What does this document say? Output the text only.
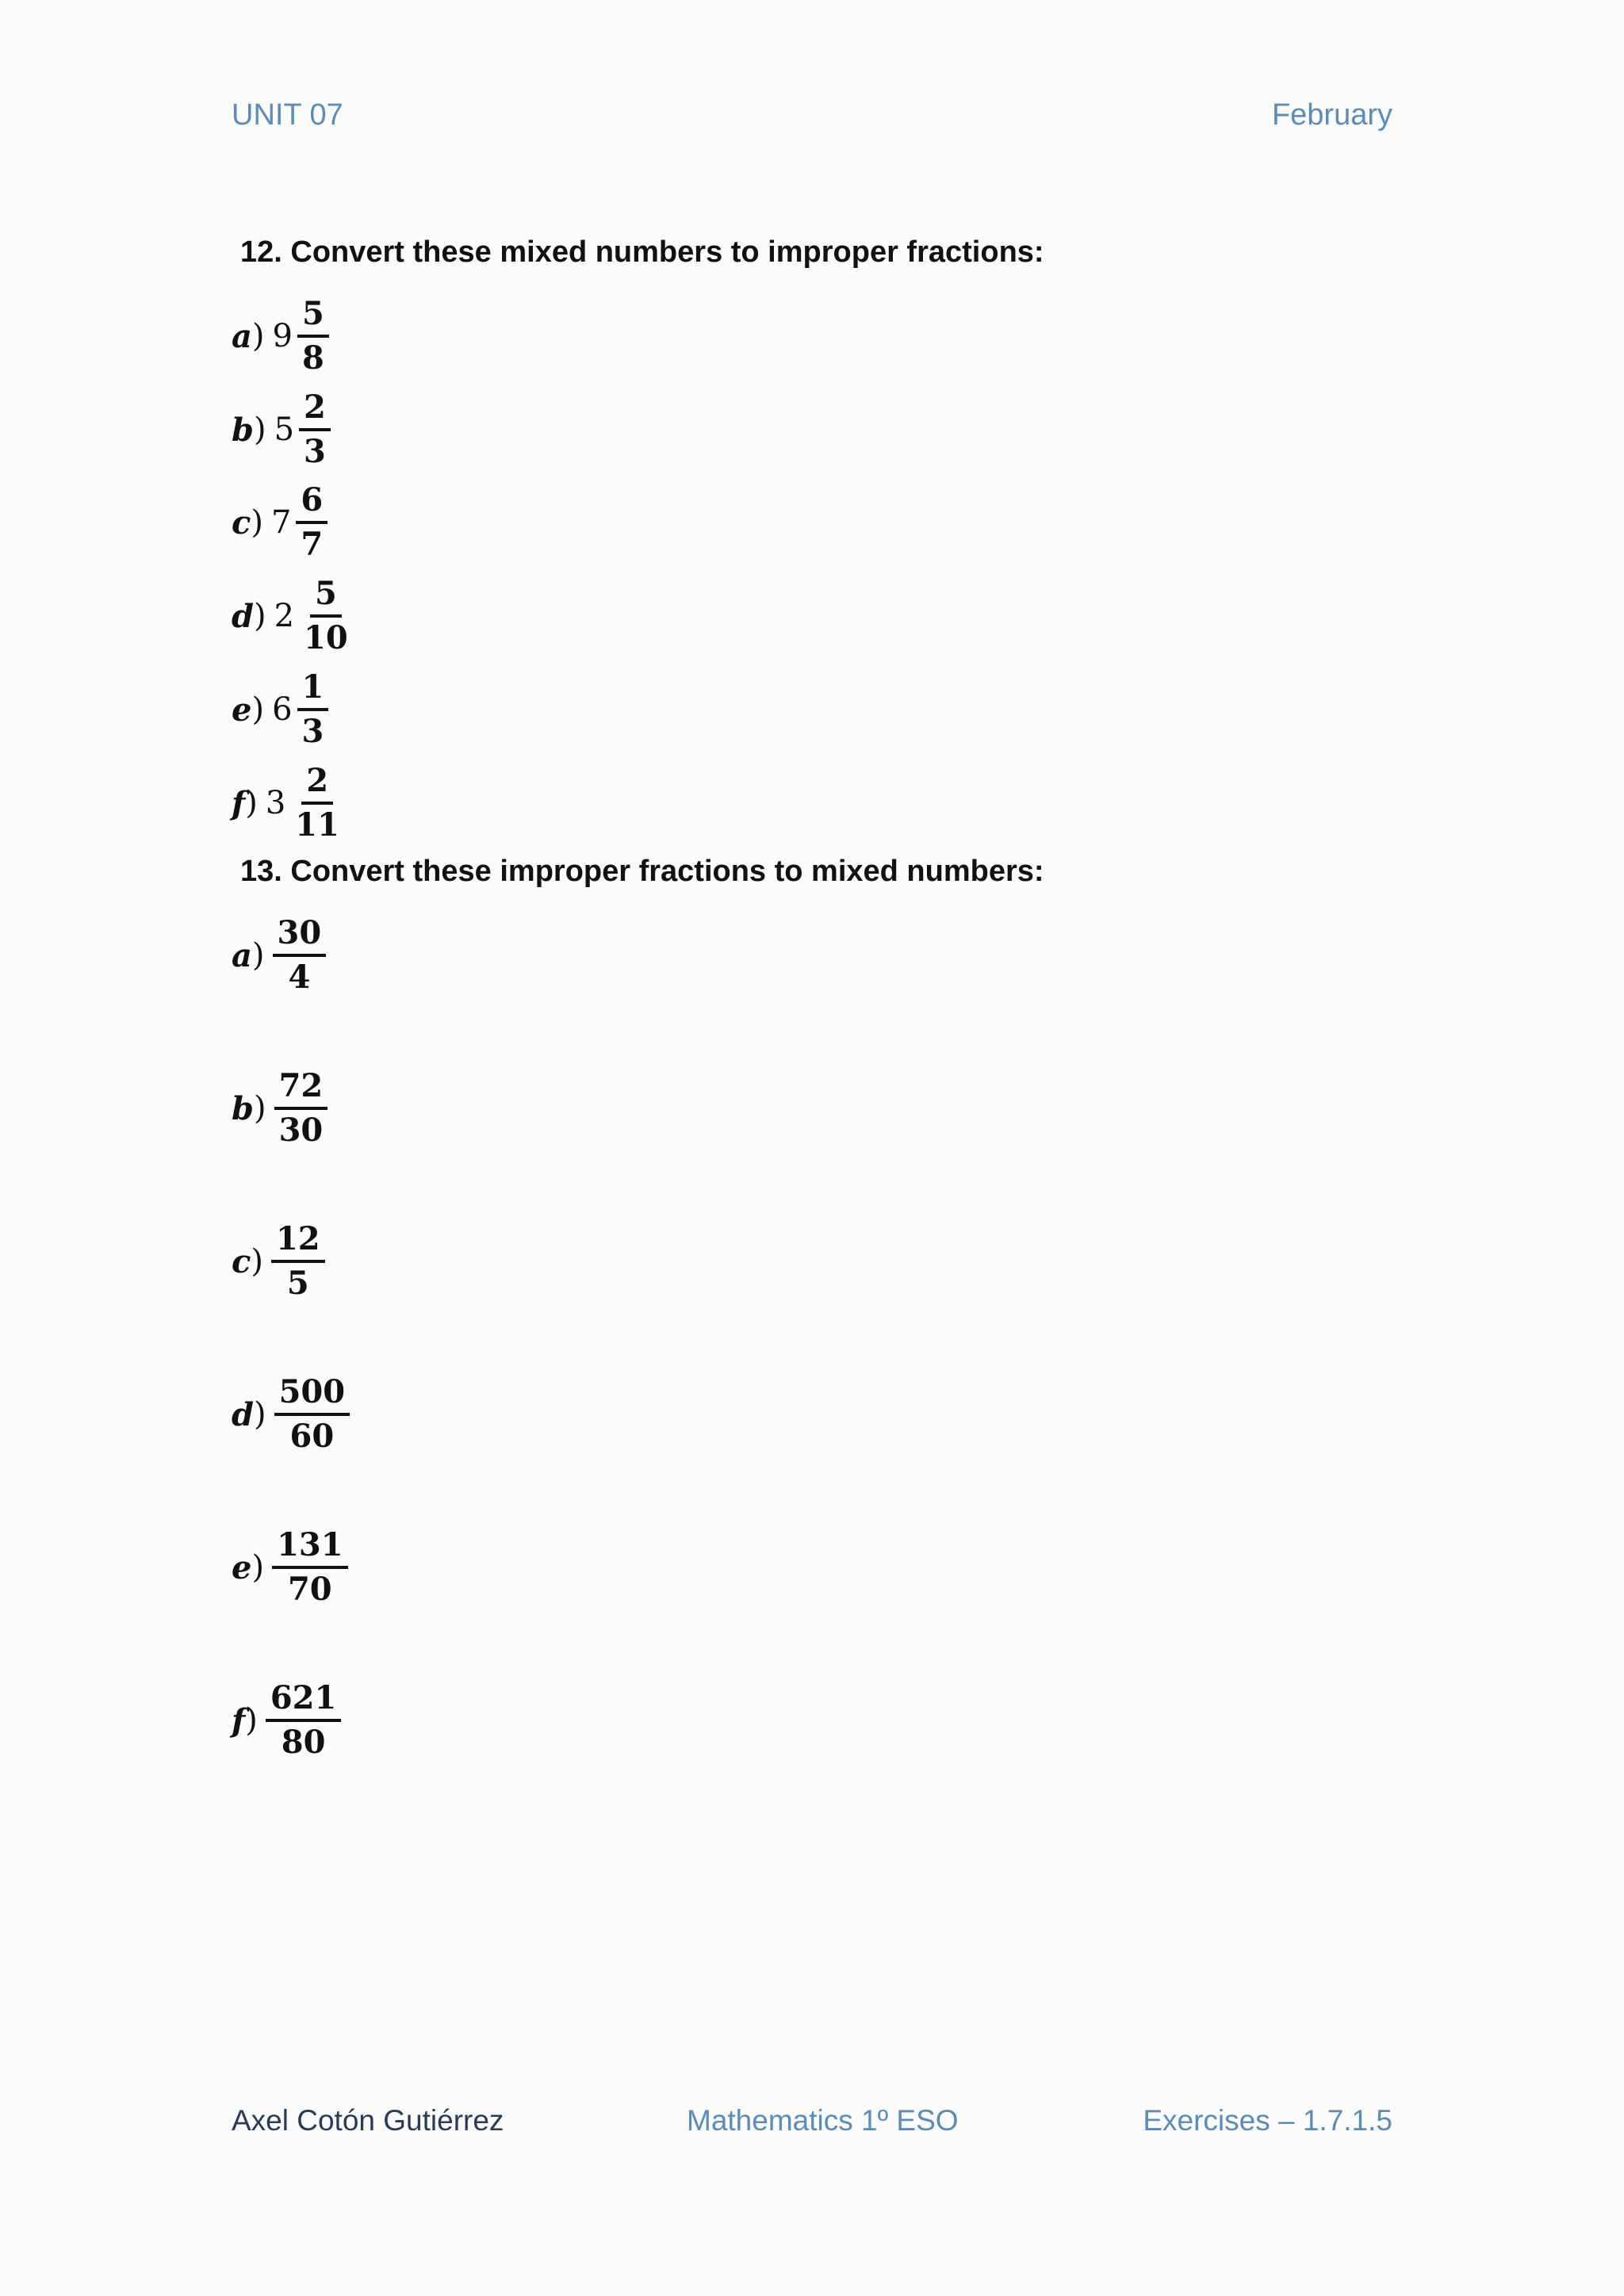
UNIT 07	February
12. Convert these mixed numbers to improper fractions:
a ) $9 \frac{5}{8}$
b ) $5 \frac{2}{3}$
c ) $7 \frac{6}{7}$
d ) $2 \frac{5}{10}$
e ) $6 \frac{1}{3}$
f ) $3 \frac{2}{11}$
13. Convert these improper fractions to mixed numbers:
a ) $\frac{30}{4}$
b ) $\frac{72}{30}$
c ) $\frac{12}{5}$
d ) $\frac{500}{60}$
e ) $\frac{131}{70}$
f ) $\frac{621}{80}$
Axel Cotón Gutiérrez	Mathematics 1º ESO	Exercises – 1.7.1.5
